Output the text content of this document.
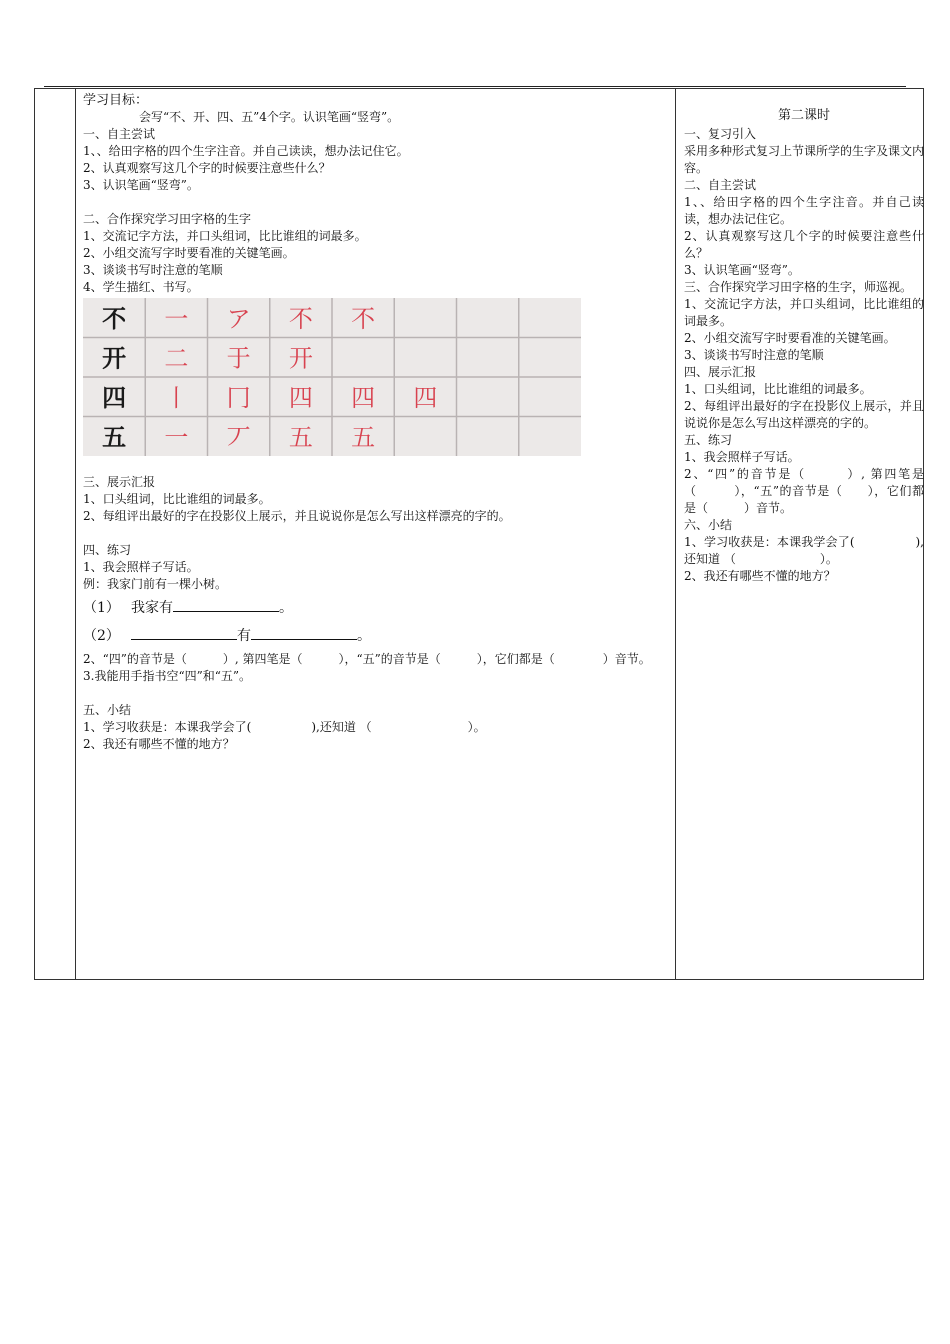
学习目标：
会写“不、开、四、五”4个字。认识笔画“竖弯”。
一、自主尝试
1、、给田字格的四个生字注音。并自己读读，想办法记住它。
2、认真观察写这几个字的时候要注意些什么？
3、认识笔画“竖弯”。
二、合作探究学习田字格的生字
1、交流记字方法，并口头组词，比比谁组的词最多。
2、小组交流写字时要看准的关键笔画。
3、谈谈书写时注意的笔顺
4、学生描红、书写。
不 一 ア 不 不
开 二 于 开
四 丨 冂 四 四 四
五 一 丆 五 五
三、展示汇报
1、口头组词，比比谁组的词最多。
2、每组评出最好的字在投影仪上展示，并且说说你是怎么写出这样漂亮的字的。
四、练习
1、我会照样子写话。
例：我家门前有一棵小树。
（1） 我家有	。
（2）	有	。
2、“四”的音节是（　　　）, 第四笔是（　　　），“五”的音节是（　　　），它们都是（　　　　）音节。
3.我能用手指书空“四”和“五”。
五、小结
1、学习收获是：本课我学会了(　　　　　),还知道 （　　　　　　　　）。
2、我还有哪些不懂的地方？
第二课时
一、复习引入
采用多种形式复习上节课所学的生字及课文内容。
二、自主尝试
1、、给田字格的四个生字注音。并自己读读，想办法记住它。
2、认真观察写这几个字的时候要注意些什么？
3、认识笔画“竖弯”。
三、合作探究学习田字格的生字，师巡视。
1、交流记字方法，并口头组词，比比谁组的词最多。
2、小组交流写字时要看准的关键笔画。
3、谈谈书写时注意的笔顺
四、展示汇报
1、口头组词，比比谁组的词最多。
2、每组评出最好的字在投影仪上展示，并且说说你是怎么写出这样漂亮的字的。
五、练习
1、我会照样子写话。
2、“四”的音节是（　　　）, 第四笔是（　　　），“五”的音节是（　　），它们都是（　　　）音节。
六、小结
1、学习收获是：本课我学会了(　　　　　),还知道 （　　　　　　　）。
2、我还有哪些不懂的地方？
